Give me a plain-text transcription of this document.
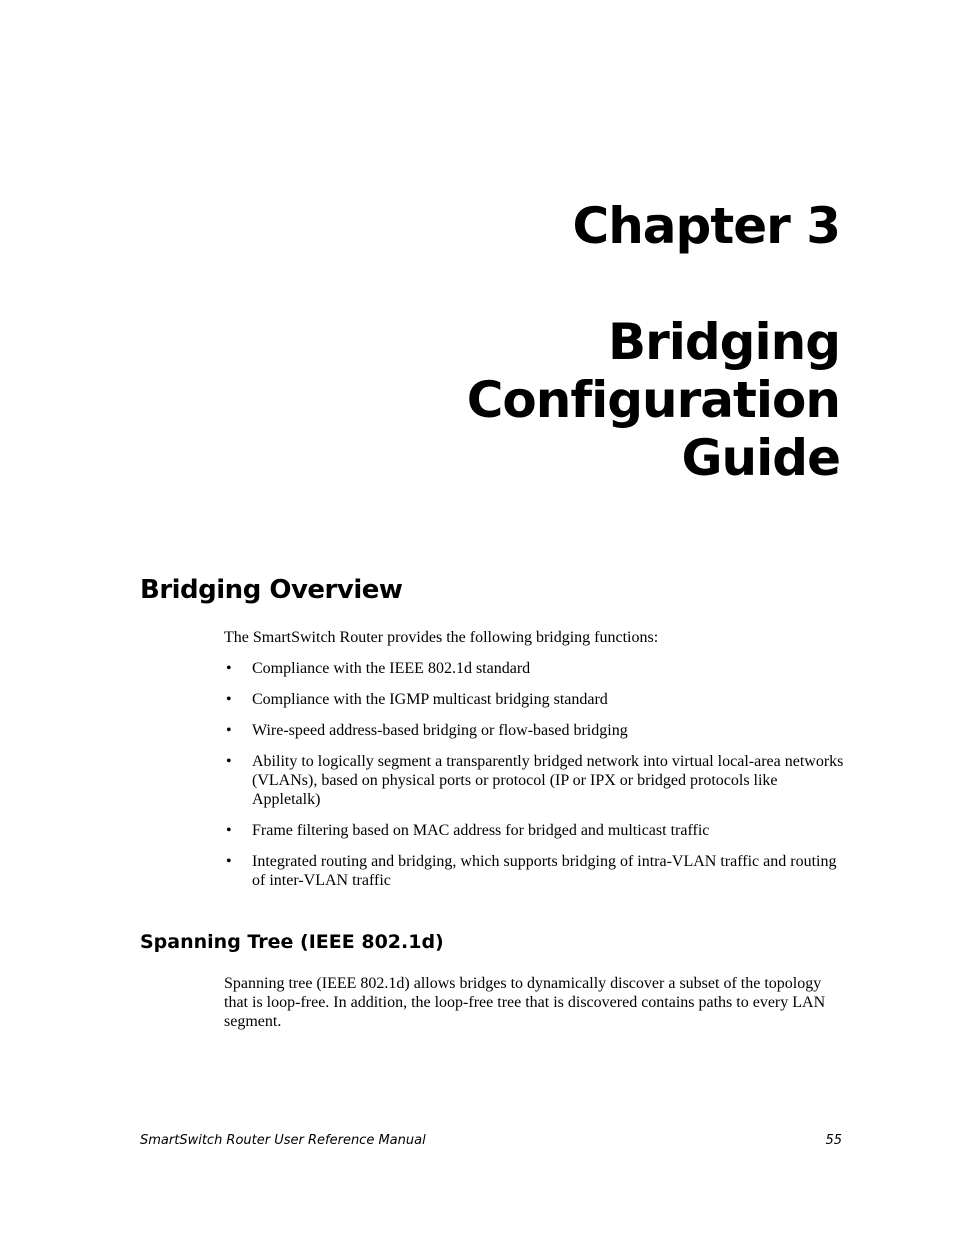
Chapter 3
Bridging
Configuration
Guide
Bridging Overview

The SmartSwitch Router provides the following bridging functions:

• Compliance with the IEEE 802.1d standard
• Compliance with the IGMP multicast bridging standard
• Wire-speed address-based bridging or flow-based bridging
• Ability to logically segment a transparently bridged network into virtual local-area networks (VLANs), based on physical ports or protocol (IP or IPX or bridged protocols like Appletalk)
• Frame filtering based on MAC address for bridged and multicast traffic
• Integrated routing and bridging, which supports bridging of intra-VLAN traffic and routing of inter-VLAN traffic
Spanning Tree (IEEE 802.1d)

Spanning tree (IEEE 802.1d) allows bridges to dynamically discover a subset of the topology that is loop-free. In addition, the loop-free tree that is discovered contains paths to every LAN segment.

SmartSwitch Router User Reference Manual	55
